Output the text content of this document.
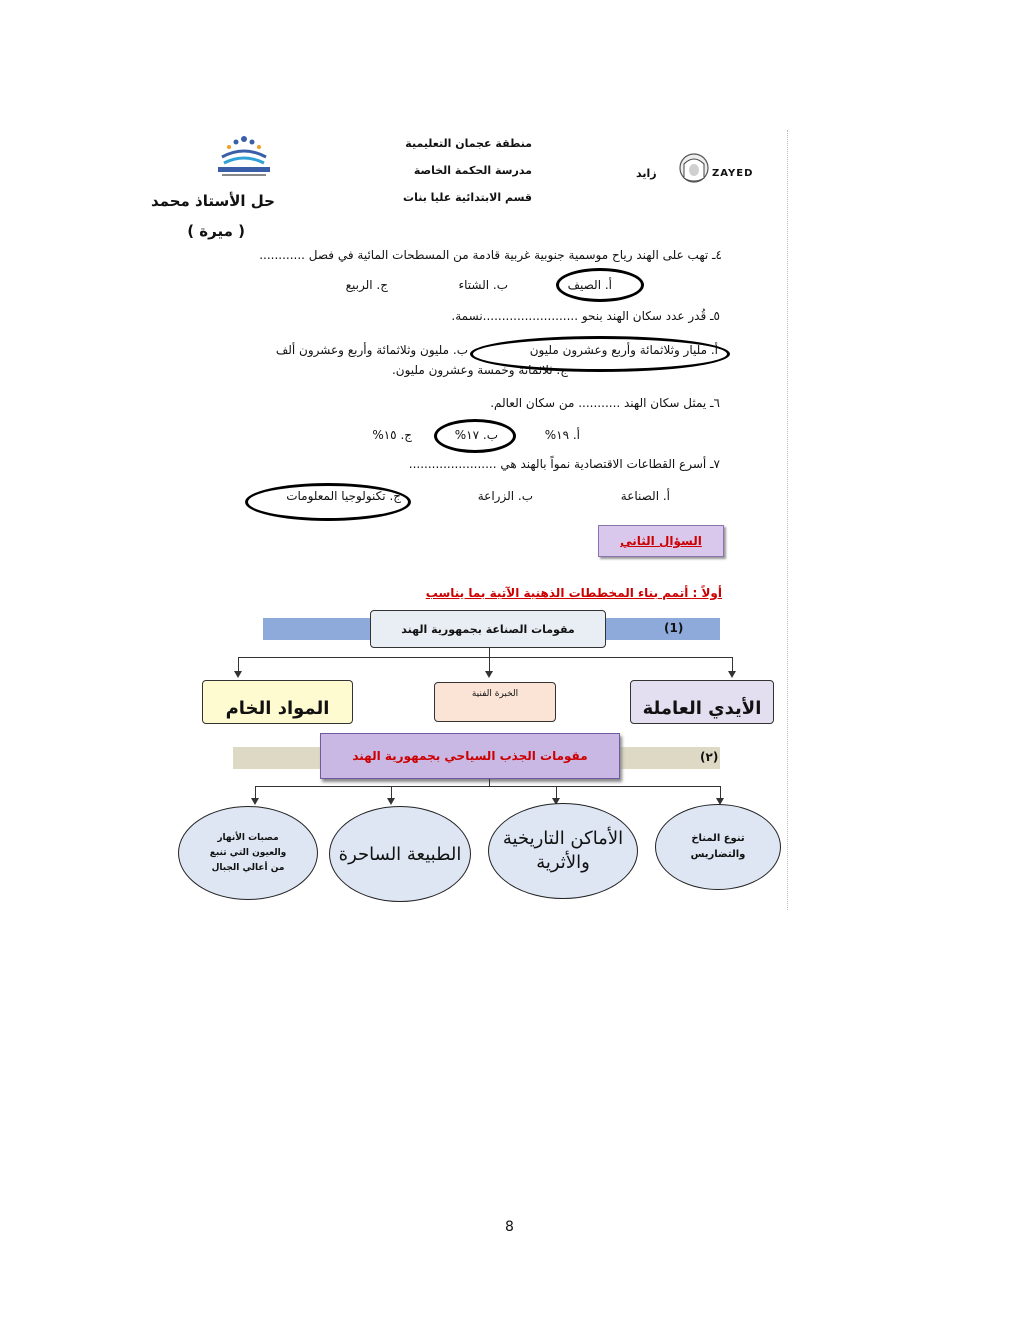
منطقة عجمان التعليمية
مدرسة الحكمة الخاصة
قسم الابتدائية عليا بنات
زايد	ZAYED
حل الأستاذ محمد
( ميرة )
٤ـ تهب على الهند رياح موسمية جنوبية غربية قادمة من المسطحات المائية في فصل ............
أ. الصيف
ب. الشتاء
ج. الربيع
٥ـ قُدر عدد سكان الهند بنحو .........................نسمة.
أ. مليار وثلاثمائة وأربع وعشرون مليون
ب. مليون وثلاثمائة وأربع وعشرون ألف
ج. ثلاثمائة وخمسة وعشرون مليون.
٦ـ يمثل سكان الهند ........... من سكان العالم.
أ. ١٩%
ب. ١٧%
ج. ١٥%
٧ـ أسرع القطاعات الاقتصادية نمواً بالهند هي .......................
أ. الصناعة
ب. الزراعة
ج. تكنولوجيا المعلومات
السؤال الثاني
أولاً : أتمم بناء المخططات الذهنية الآتية بما يناسب
(1)
مقومات الصناعة بجمهورية الهند
الأيدي العاملة
الخبرة الفنية
المواد الخام
(٢)
مقومات الجذب السياحي بجمهورية الهند
تنوع المناخ والتضاريس
الأماكن التاريخية والأثرية
الطبيعة الساحرة
مصبات الأنهار والعيون التي تنبع من أعالي الجبال
8
